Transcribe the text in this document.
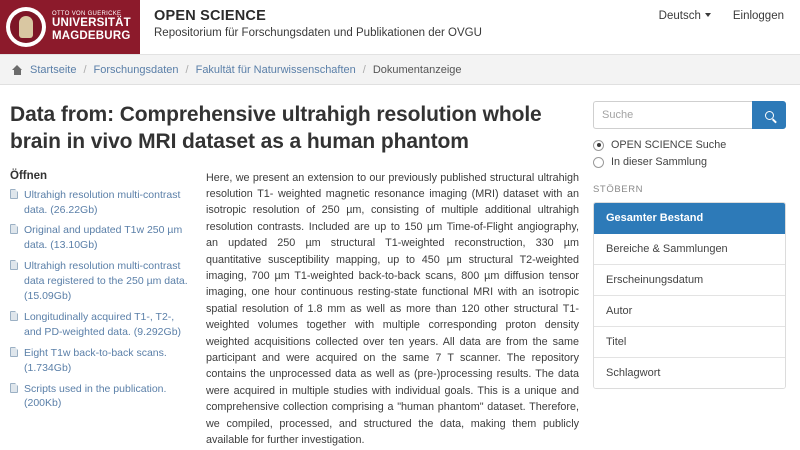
OTTO VON GUERICKE
UNIVERSITÄT
MAGDEBURG
OPEN SCIENCE
Repositorium für Forschungsdaten und Publikationen der OVGU
Deutsch	Einloggen
Startseite / Forschungsdaten / Fakultät für Naturwissenschaften / Dokumentanzeige
Data from: Comprehensive ultrahigh resolution whole brain in vivo MRI dataset as a human phantom
Öffnen
Ultrahigh resolution multi-contrast data. (26.22Gb)
Original and updated T1w 250 µm data. (13.10Gb)
Ultrahigh resolution multi-contrast data registered to the 250 µm data. (15.09Gb)
Longitudinally acquired T1-, T2-, and PD-weighted data. (9.292Gb)
Eight T1w back-to-back scans. (1.734Gb)
Scripts used in the publication. (200Kb)
Here, we present an extension to our previously published structural ultrahigh resolution T1- weighted magnetic resonance imaging (MRI) dataset with an isotropic resolution of 250 µm, consisting of multiple additional ultrahigh resolution contrasts. Included are up to 150 µm Time-of-Flight angiography, an updated 250 µm structural T1-weighted reconstruction, 330 µm quantitative susceptibility mapping, up to 450 µm structural T2-weighted imaging, 700 µm T1-weighted back-to-back scans, 800 µm diffusion tensor imaging, one hour continuous resting-state functional MRI with an isotropic spatial resolution of 1.8 mm as well as more than 120 other structural T1-weighted volumes together with multiple corresponding proton density weighted acquisitions collected over ten years. All data are from the same participant and were acquired on the same 7 T scanner. The repository contains the unprocessed data as well as (pre-)processing results. The data were acquired in multiple studies with individual goals. This is a unique and comprehensive collection comprising a "human phantom" dataset. Therefore, we compiled, processed, and structured the data, making them publicly available for further investigation.
Suche
OPEN SCIENCE Suche
In dieser Sammlung
STÖBERN
Gesamter Bestand
Bereiche & Sammlungen
Erscheinungsdatum
Autor
Titel
Schlagwort
